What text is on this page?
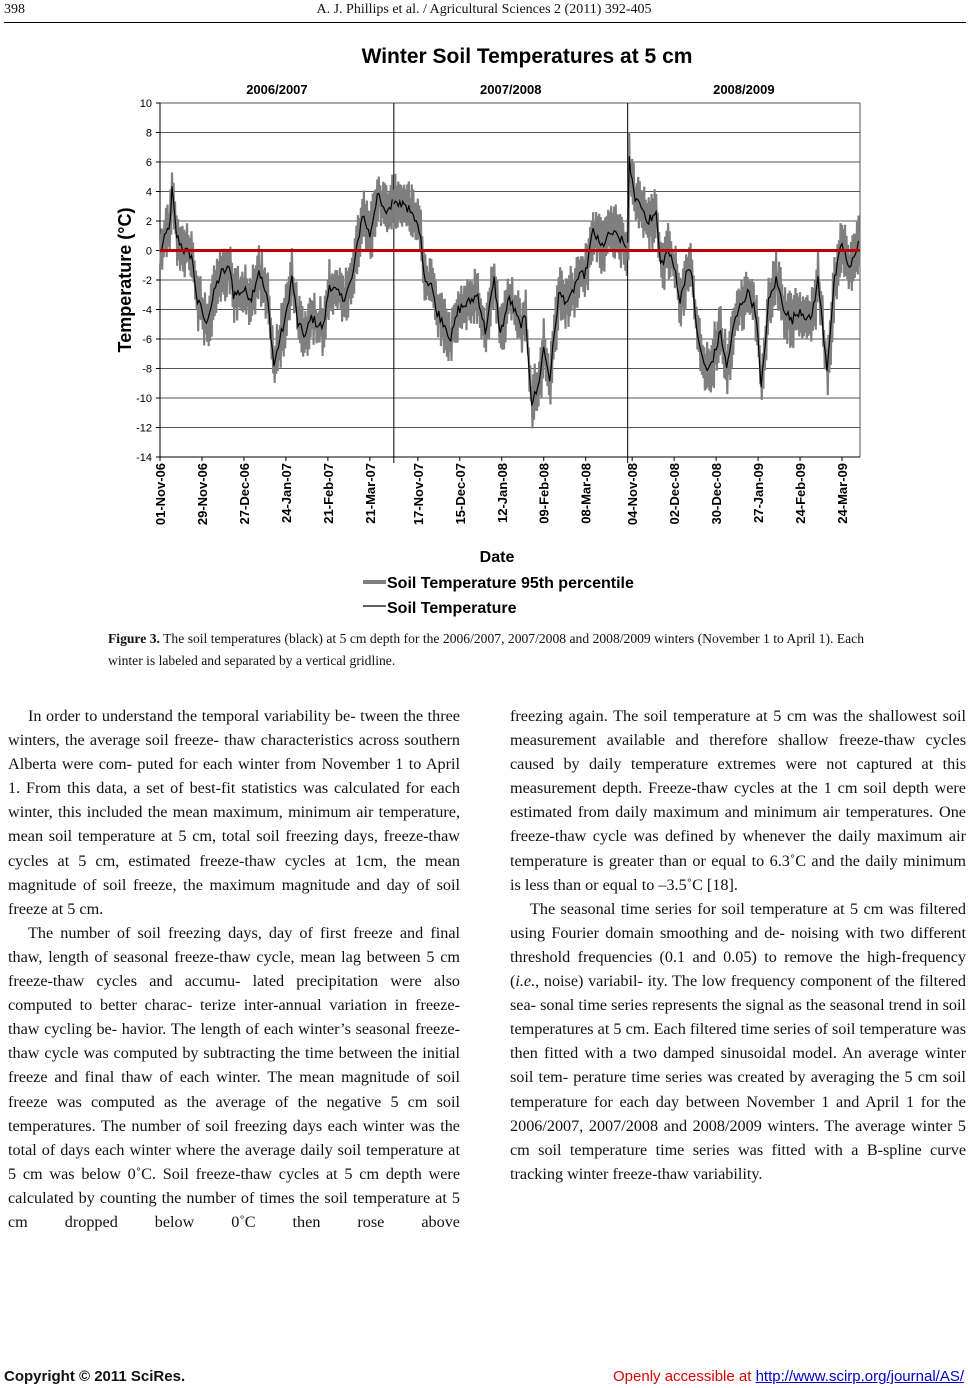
398	A. J. Phillips et al. / Agricultural Sciences 2 (2011) 392-405
Winter Soil Temperatures at 5 cm
10
8
6
4
2
0
-2
-4
-6
-8
-10
-12
-14
Temperature (°C)
2006/2007
01-Nov-06 29-Nov-06 27-Dec-06 24-Jan-07 21-Feb-07 21-Mar-07
2007/2008
17-Nov-07 15-Dec-07 12-Jan-08 09-Feb-08 08-Mar-08
2008/2009
04-Nov-08 02-Dec-08 30-Dec-08 27-Jan-09 24-Feb-09 24-Mar-09
Date
Soil Temperature 95th percentile
Soil Temperature
Figure 3. The soil temperatures (black) at 5 cm depth for the 2006/2007, 2007/2008 and 2008/2009 winters (November 1 to April 1). Each winter is labeled and separated by a vertical gridline.

In order to understand the temporal variability be- tween the three winters, the average soil freeze- thaw characteristics across southern Alberta were com- puted for each winter from November 1 to April 1. From this data, a set of best-fit statistics was calculated for each winter, this included the mean maximum, minimum air temperature, mean soil temperature at 5 cm, total soil freezing days, freeze-thaw cycles at 5 cm, estimated freeze-thaw cycles at 1cm, the mean magnitude of soil freeze, the maximum magnitude and day of soil freeze at 5 cm.

The number of soil freezing days, day of first freeze and final thaw, length of seasonal freeze-thaw cycle, mean lag between 5 cm freeze-thaw cycles and accumu- lated precipitation were also computed to better charac- terize inter-annual variation in freeze-thaw cycling be- havior. The length of each winter’s seasonal freeze-thaw cycle was computed by subtracting the time between the initial freeze and final thaw of each winter. The mean magnitude of soil freeze was computed as the average of the negative 5 cm soil temperatures. The number of soil freezing days each winter was the total of days each winter where the average daily soil temperature at 5 cm was below 0˚C. Soil freeze-thaw cycles at 5 cm depth were calculated by counting the number of times the soil temperature at 5 cm dropped below 0˚C then rose above

freezing again. The soil temperature at 5 cm was the shallowest soil measurement available and therefore shallow freeze-thaw cycles caused by daily temperature extremes were not captured at this measurement depth. Freeze-thaw cycles at the 1 cm soil depth were estimated from daily maximum and minimum air temperatures. One freeze-thaw cycle was defined by whenever the daily maximum air temperature is greater than or equal to 6.3˚C and the daily minimum is less than or equal to –3.5˚C [18].

The seasonal time series for soil temperature at 5 cm was filtered using Fourier domain smoothing and de- noising with two different threshold frequencies (0.1 and 0.05) to remove the high-frequency (i.e., noise) variabil- ity. The low frequency component of the filtered sea- sonal time series represents the signal as the seasonal trend in soil temperatures at 5 cm. Each filtered time series of soil temperature was then fitted with a two damped sinusoidal model. An average winter soil tem- perature time series was created by averaging the 5 cm soil temperature for each day between November 1 and April 1 for the 2006/2007, 2007/2008 and 2008/2009 winters. The average winter 5 cm soil temperature time series was fitted with a B-spline curve tracking winter freeze-thaw variability.

Copyright © 2011 SciRes.	Openly accessible at http://www.scirp.org/journal/AS/
